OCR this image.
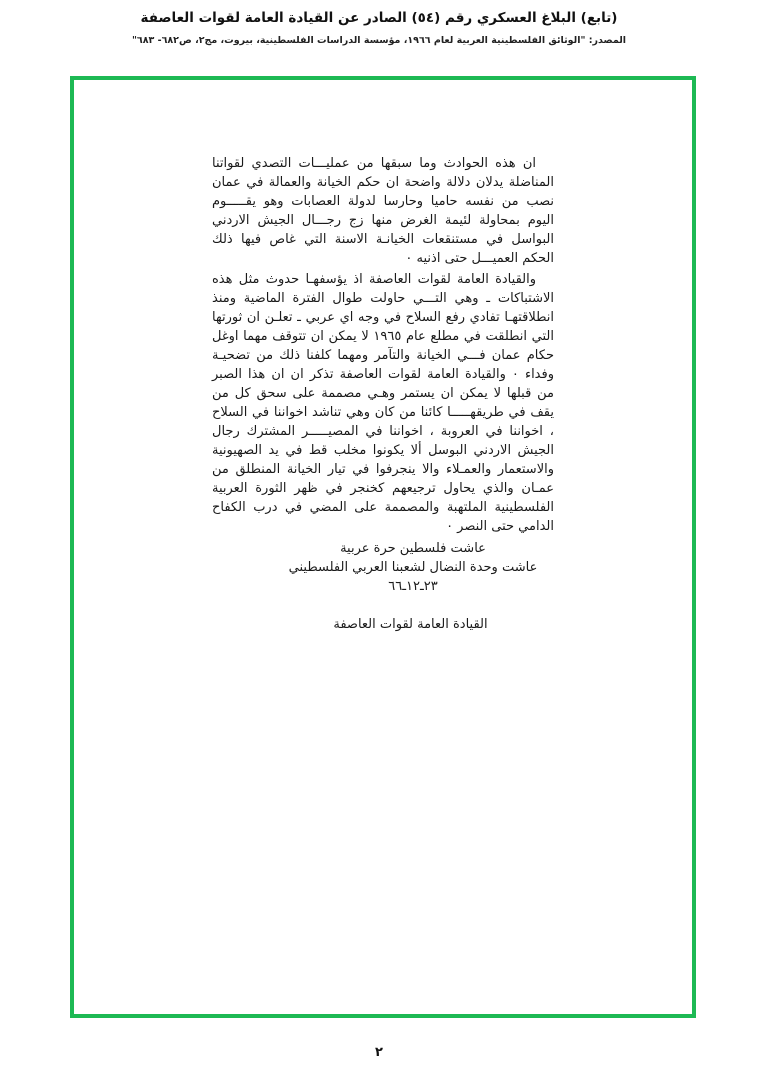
(تابع) البلاغ العسكري رقم (٥٤) الصادر عن القيادة العامة لقوات العاصفة
المصدر: "الوثائق الفلسطينية العربية لعام ١٩٦٦، مؤسسة الدراسات الفلسطينية، بيروت، مج٢، ص٦٨٢- ٦٨٣"

ان هذه الحوادث وما سبقها من عمليـــات التصدي لقواتنا المناضلة يدلان دلالة واضحة ان حكم الخيانة والعمالة في عمان نصب من نفسه حاميا وحارسا لدولة العصابات وهو يقـــــوم اليوم بمحاولة لئيمة الغرض منها زج رجـــال الجيش الاردني البواسل في مستنقعات الخيانـة الاسنة التي غاص فيها ذلك الحكم العميـــل حتى اذنيه ٠

والقيادة العامة لقوات العاصفة اذ يؤسفهـا حدوث مثل هذه الاشتباكات ـ وهي التـــي حاولت طوال الفترة الماضية ومنذ انطلاقتهـا تفادي رفع السلاح في وجه اي عربي ـ تعلـن ان ثورتها التي انطلقت في مطلع عام ١٩٦٥ لا يمكن ان تتوقف مهما اوغل حكام عمان فـــي الخيانة والتآمر ومهما كلفنا ذلك من تضحيـة وفداء ٠ والقيادة العامة لقوات العاصفة تذكر ان ان هذا الصبر من قبلها لا يمكن ان يستمر وهـي مصممة على سحق كل من يقف في طريقهـــــا كائنا من كان وهي تناشد اخواننا في السلاح ، اخواننا في العروبة ، اخواننا في المصيـــــر المشترك رجال الجيش الاردني البوسل ألا يكونوا مخلب قط في يد الصهيونية والاستعمار والعمـلاء والا ينجرفوا في تيار الخيانة المنطلق من عمـان والذي يحاول ترجيعهم كخنجر في ظهر الثورة العربية الفلسطينية الملتهبة والمصممة على المضي في درب الكفاح الدامي حتى النصر ٠

عاشت فلسطين حرة عربية
عاشت وحدة النضال لشعبنا العربي الفلسطيني
٢٣ـ١٢ـ٦٦
القيادة العامة لقوات العاصفة
٢
